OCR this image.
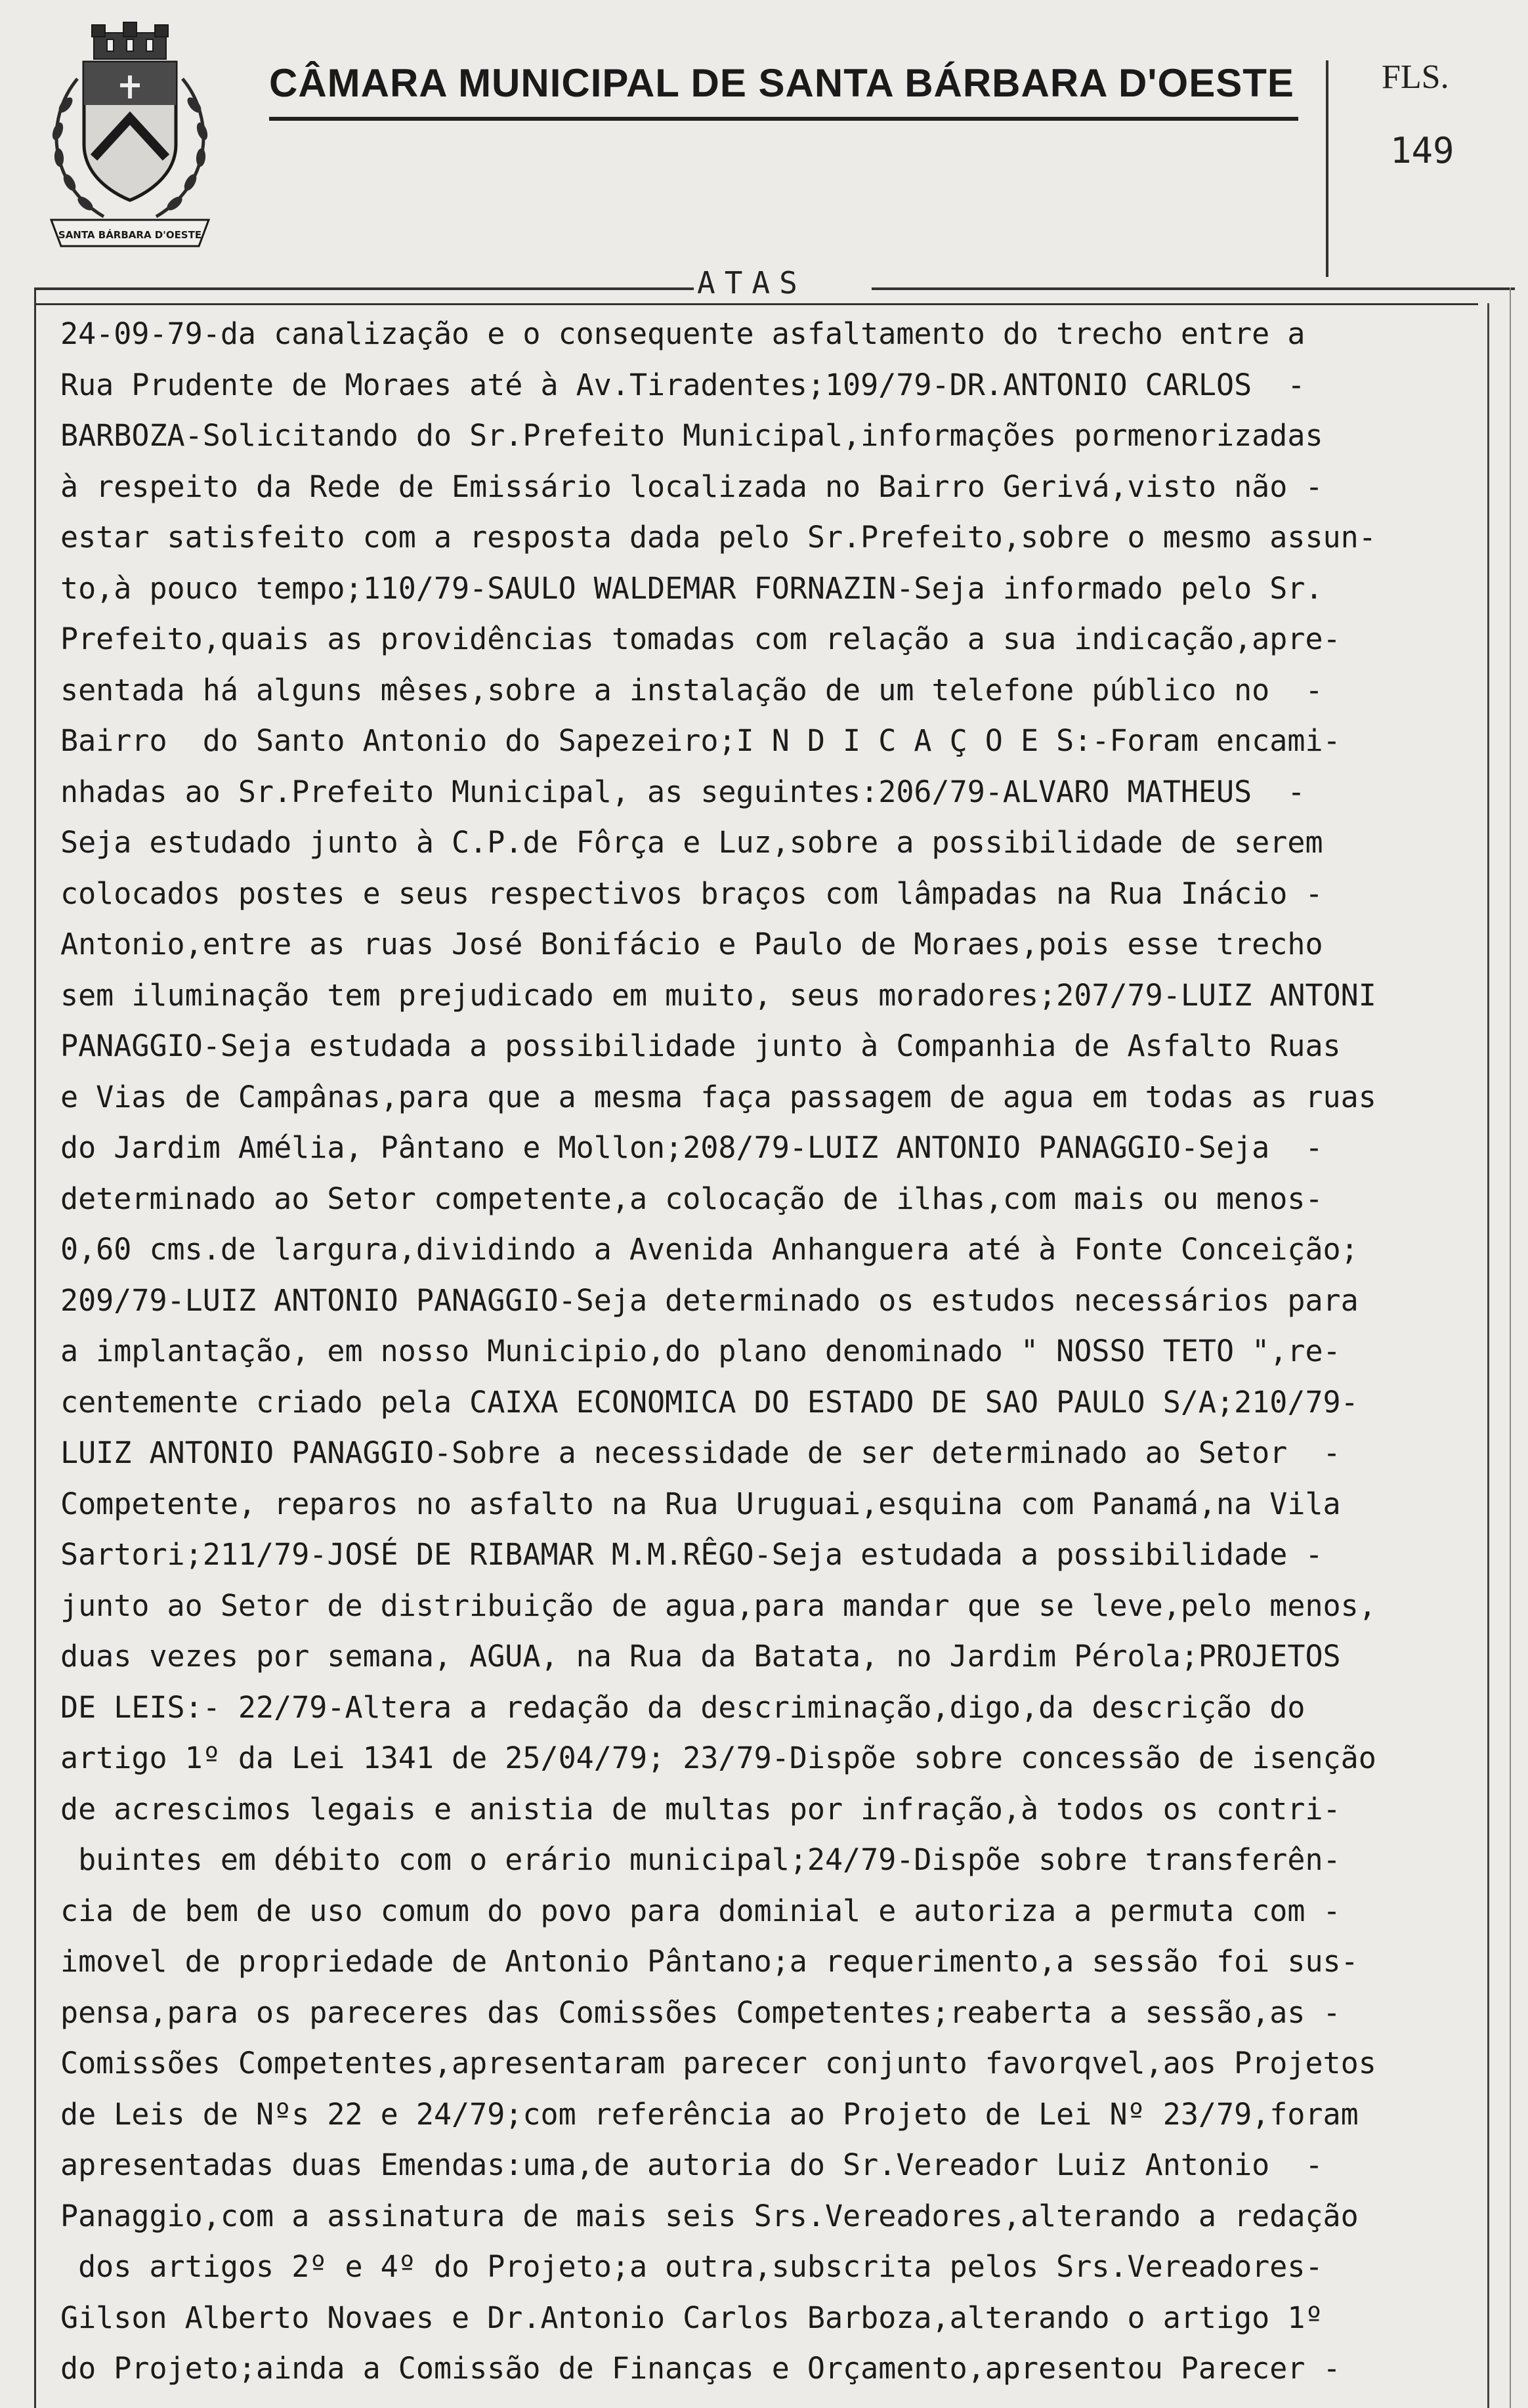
SANTA BÁRBARA D'OESTE
CÂMARA MUNICIPAL DE SANTA BÁRBARA D'OESTE	FLS.
149
ATAS
24-09-79-da canalização e o consequente asfaltamento do trecho entre a
Rua Prudente de Moraes até à Av.Tiradentes;109/79-DR.ANTONIO CARLOS  -
BARBOZA-Solicitando do Sr.Prefeito Municipal,informações pormenorizadas
à respeito da Rede de Emissário localizada no Bairro Gerivá,visto não -
estar satisfeito com a resposta dada pelo Sr.Prefeito,sobre o mesmo assun-
to,à pouco tempo;110/79-SAULO WALDEMAR FORNAZIN-Seja informado pelo Sr.
Prefeito,quais as providências tomadas com relação a sua indicação,apre-
sentada há alguns mêses,sobre a instalação de um telefone público no  -
Bairro  do Santo Antonio do Sapezeiro;I N D I C A Ç O E S:-Foram encami-
nhadas ao Sr.Prefeito Municipal, as seguintes:206/79-ALVARO MATHEUS  -
Seja estudado junto à C.P.de Fôrça e Luz,sobre a possibilidade de serem
colocados postes e seus respectivos braços com lâmpadas na Rua Inácio -
Antonio,entre as ruas José Bonifácio e Paulo de Moraes,pois esse trecho
sem iluminação tem prejudicado em muito, seus moradores;207/79-LUIZ ANTONI
PANAGGIO-Seja estudada a possibilidade junto à Companhia de Asfalto Ruas
e Vias de Campânas,para que a mesma faça passagem de agua em todas as ruas
do Jardim Amélia, Pântano e Mollon;208/79-LUIZ ANTONIO PANAGGIO-Seja  -
determinado ao Setor competente,a colocação de ilhas,com mais ou menos-
0,60 cms.de largura,dividindo a Avenida Anhanguera até à Fonte Conceição;
209/79-LUIZ ANTONIO PANAGGIO-Seja determinado os estudos necessários para
a implantação, em nosso Municipio,do plano denominado " NOSSO TETO ",re-
centemente criado pela CAIXA ECONOMICA DO ESTADO DE SAO PAULO S/A;210/79-
LUIZ ANTONIO PANAGGIO-Sobre a necessidade de ser determinado ao Setor  -
Competente, reparos no asfalto na Rua Uruguai,esquina com Panamá,na Vila
Sartori;211/79-JOSÉ DE RIBAMAR M.M.RÊGO-Seja estudada a possibilidade -
junto ao Setor de distribuição de agua,para mandar que se leve,pelo menos,
duas vezes por semana, AGUA, na Rua da Batata, no Jardim Pérola;PROJETOS
DE LEIS:- 22/79-Altera a redação da descriminação,digo,da descrição do
artigo 1º da Lei 1341 de 25/04/79; 23/79-Dispõe sobre concessão de isenção
de acrescimos legais e anistia de multas por infração,à todos os contri-
buintes em débito com o erário municipal;24/79-Dispõe sobre transferên-
cia de bem de uso comum do povo para dominial e autoriza a permuta com -
imovel de propriedade de Antonio Pântano;a requerimento,a sessão foi sus-
pensa,para os pareceres das Comissões Competentes;reaberta a sessão,as -
Comissões Competentes,apresentaram parecer conjunto favorqvel,aos Projetos
de Leis de Nºs 22 e 24/79;com referência ao Projeto de Lei Nº 23/79,foram
apresentadas duas Emendas:uma,de autoria do Sr.Vereador Luiz Antonio  -
Panaggio,com a assinatura de mais seis Srs.Vereadores,alterando a redação
dos artigos 2º e 4º do Projeto;a outra,subscrita pelos Srs.Vereadores-
Gilson Alberto Novaes e Dr.Antonio Carlos Barboza,alterando o artigo 1º
do Projeto;ainda a Comissão de Finanças e Orçamento,apresentou Parecer -
